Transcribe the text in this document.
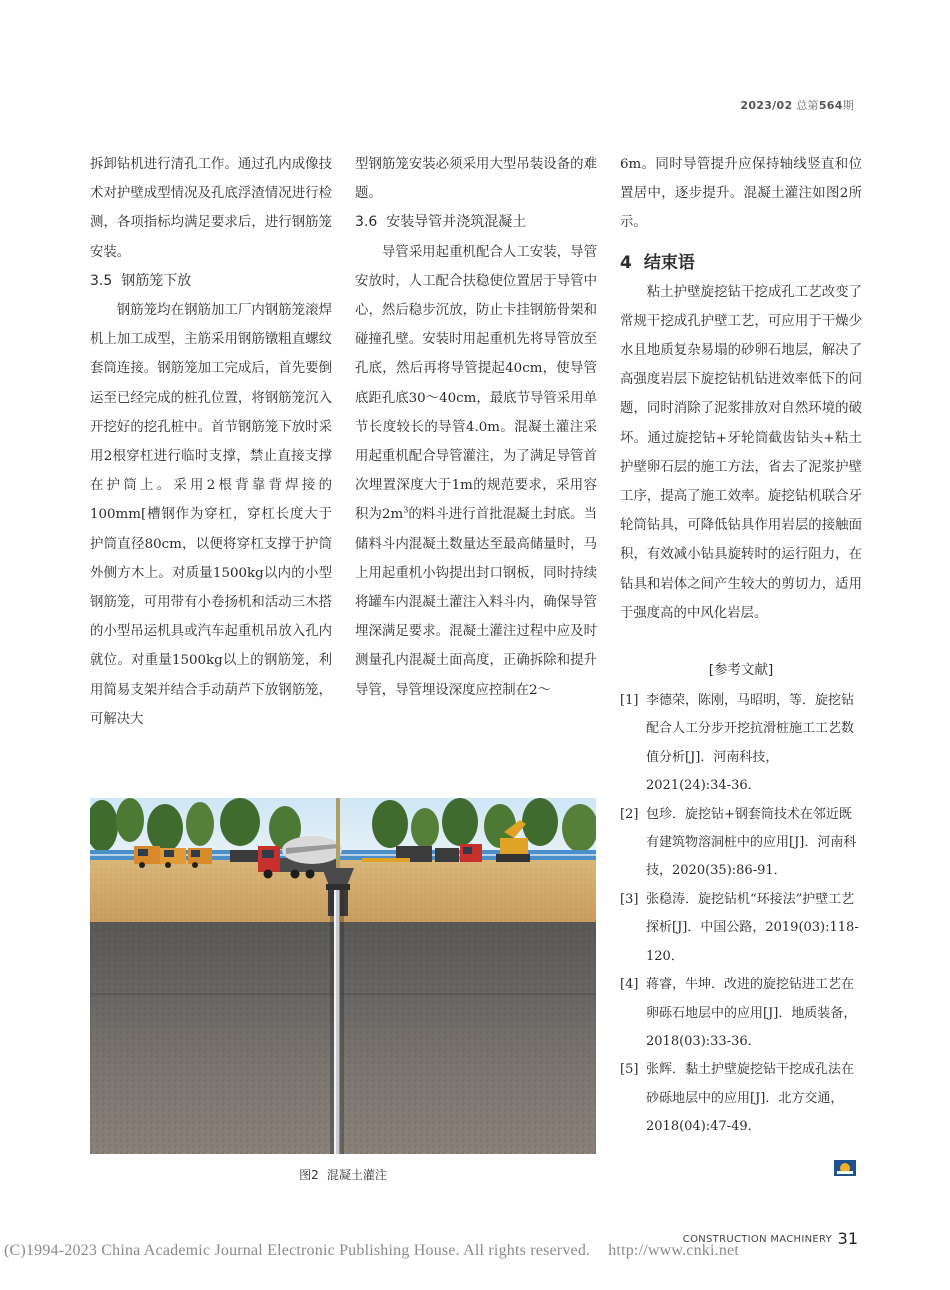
2023/02 总第564期

拆卸钻机进行清孔工作。通过孔内成像技术对护壁成型情况及孔底浮渣情况进行检测，各项指标均满足要求后，进行钢筋笼安装。

3.5 钢筋笼下放

钢筋笼均在钢筋加工厂内钢筋笼滚焊机上加工成型，主筋采用钢筋镦粗直螺纹套筒连接。钢筋笼加工完成后，首先要倒运至已经完成的桩孔位置，将钢筋笼沉入开挖好的挖孔桩中。首节钢筋笼下放时采用2根穿杠进行临时支撑，禁止直接支撑在护筒上。采用2根背靠背焊接的100mm[槽钢作为穿杠，穿杠长度大于护筒直径80cm，以便将穿杠支撑于护筒外侧方木上。对质量1500kg以内的小型钢筋笼，可用带有小卷扬机和活动三木搭的小型吊运机具或汽车起重机吊放入孔内就位。对重量1500kg以上的钢筋笼，利用简易支架并结合手动葫芦下放钢筋笼，可解决大

型钢筋笼安装必须采用大型吊装设备的难题。

3.6 安装导管并浇筑混凝土

导管采用起重机配合人工安装，导管安放时，人工配合扶稳使位置居于导管中心，然后稳步沉放，防止卡挂钢筋骨架和碰撞孔壁。安装时用起重机先将导管放至孔底，然后再将导管提起40cm，使导管底距孔底30～40cm，最底节导管采用单节长度较长的导管4.0m。混凝土灌注采用起重机配合导管灌注，为了满足导管首次埋置深度大于1m的规范要求，采用容积为$2m^3$的料斗进行首批混凝土封底。当储料斗内混凝土数量达至最高储量时，马上用起重机小钩提出封口钢板，同时持续将罐车内混凝土灌注入料斗内，确保导管埋深满足要求。混凝土灌注过程中应及时测量孔内混凝土面高度，正确拆除和提升导管，导管埋设深度应控制在2～

6m。同时导管提升应保持轴线竖直和位置居中，逐步提升。混凝土灌注如图2所示。

4 结束语

粘土护壁旋挖钻干挖成孔工艺改变了常规干挖成孔护壁工艺，可应用于干燥少水且地质复杂易塌的砂卵石地层，解决了高强度岩层下旋挖钻机钻进效率低下的问题，同时消除了泥浆排放对自然环境的破坏。通过旋挖钻+牙轮筒截齿钻头+粘土护壁卵石层的施工方法，省去了泥浆护壁工序，提高了施工效率。旋挖钻机联合牙轮筒钻具，可降低钻具作用岩层的接触面积，有效减小钻具旋转时的运行阻力，在钻具和岩体之间产生较大的剪切力，适用于强度高的中风化岩层。

[参考文献]
[1] 李德荣，陈刚，马昭明，等．旋挖钻配合人工分步开挖抗滑桩施工工艺数值分析[J]．河南科技，2021(24):34-36．
[2] 包珍．旋挖钻+钢套筒技术在邻近既有建筑物溶洞桩中的应用[J]．河南科技，2020(35):86-91．
[3] 张稳涛．旋挖钻机“环接法”护壁工艺探析[J]．中国公路，2019(03):118-120．
[4] 蒋睿，牛坤．改进的旋挖钻进工艺在卵砾石地层中的应用[J]．地质装备，2018(03):33-36．
[5] 张辉．黏土护壁旋挖钻干挖成孔法在砂砾地层中的应用[J]．北方交通，2018(04):47-49．
图2 混凝土灌注
CONSTRUCTION MACHINERY 31
(C)1994-2023 China Academic Journal Electronic Publishing House. All rights reserved. http://www.cnki.net
